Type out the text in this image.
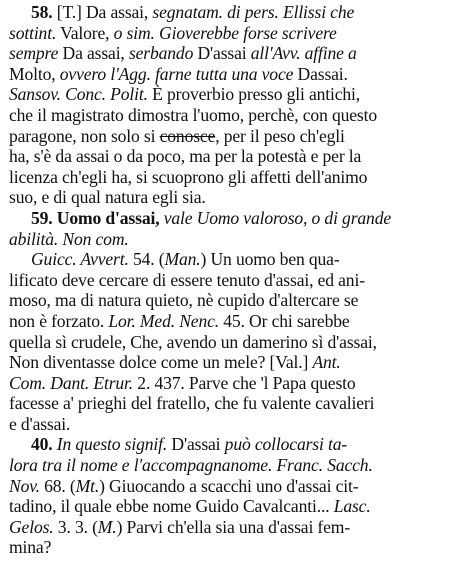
58. [T.] Da assai, segnatam. di pers. Ellissi che
sottint. Valore, o sim. Gioverebbe forse scrivere
sempre Da assai, serbando D'assai all'Avv. affine a
Molto, ovvero l'Agg. farne tutta una voce Dassai.
Sansov. Conc. Polit. È proverbio presso gli antichi,
che il magistrato dimostra l'uomo, perchè, con questo
paragone, non solo si conosce, per il peso ch'egli
ha, s'è da assai o da poco, ma per la potestà e per la
licenza ch'egli ha, si scuoprono gli affetti dell'animo
suo, e di qual natura egli sia.
59. Uomo d'assai, vale Uomo valoroso, o di grande
abilità. Non com.
Guicc. Avvert. 54. (Man.) Un uomo ben qua-
lificato deve cercare di essere tenuto d'assai, ed ani-
moso, ma di natura quieto, nè cupido d'altercare se
non è forzato. Lor. Med. Nenc. 45. Or chi sarebbe
quella sì crudele, Che, avendo un damerino sì d'assai,
Non diventasse dolce come un mele? [Val.] Ant.
Com. Dant. Etrur. 2. 437. Parve che 'l Papa questo
facesse a' prieghi del fratello, che fu valente cavalieri
e d'assai.
40. In questo signif. D'assai può collocarsi ta-
lora tra il nome e l'accompagnanome. Franc. Sacch.
Nov. 68. (Mt.) Giuocando a scacchi uno d'assai cit-
tadino, il quale ebbe nome Guido Cavalcanti... Lasc.
Gelos. 3. 3. (M.) Parvi ch'ella sia una d'assai fem-
mina?
